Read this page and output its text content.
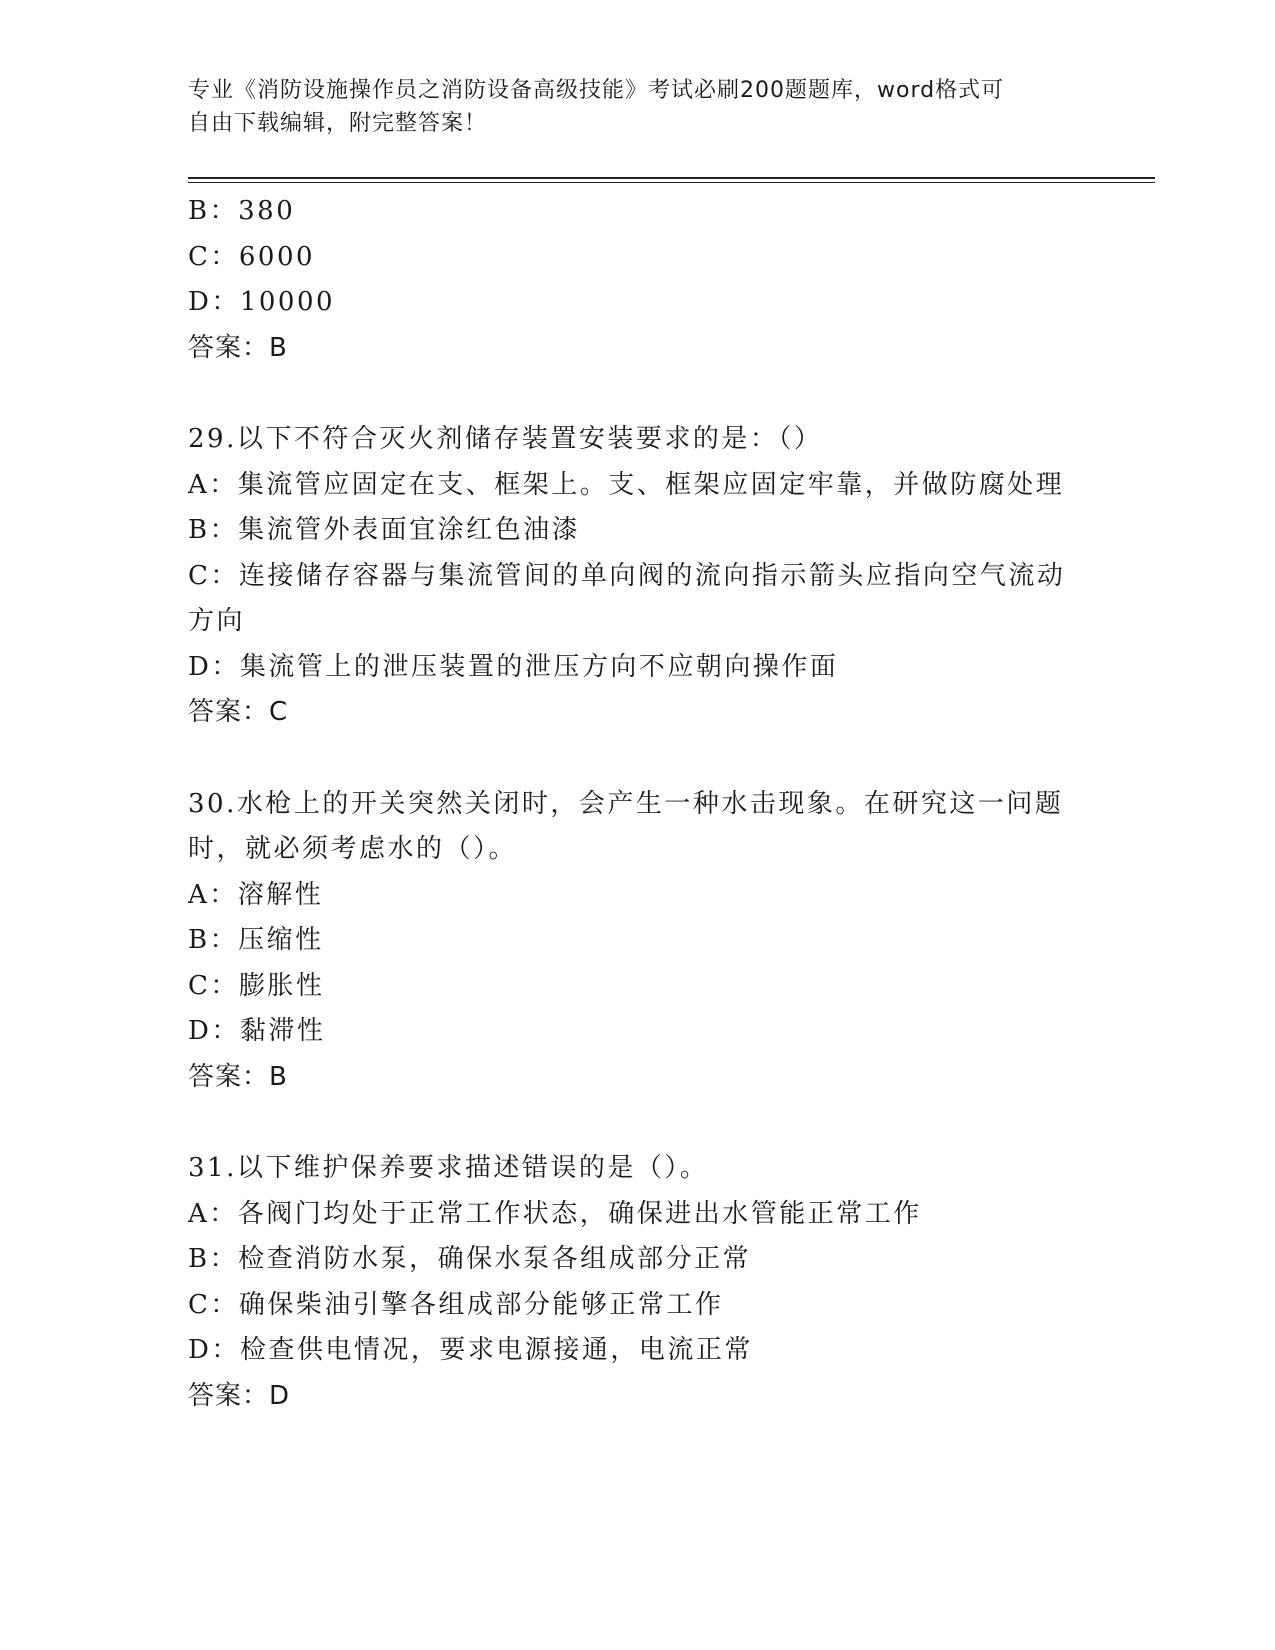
专业《消防设施操作员之消防设备高级技能》考试必刷200题题库，word格式可
自由下载编辑，附完整答案！
B：380
C：6000
D：10000
答案：B
29.以下不符合灭火剂储存装置安装要求的是：（）
A：集流管应固定在支、框架上。支、框架应固定牢靠，并做防腐处理
B：集流管外表面宜涂红色油漆
C：连接储存容器与集流管间的单向阀的流向指示箭头应指向空气流动
方向
D：集流管上的泄压装置的泄压方向不应朝向操作面
答案：C
30.水枪上的开关突然关闭时，会产生一种水击现象。在研究这一问题
时，就必须考虑水的（）。
A：溶解性
B：压缩性
C：膨胀性
D：黏滞性
答案：B
31.以下维护保养要求描述错误的是（）。
A：各阀门均处于正常工作状态，确保进出水管能正常工作
B：检查消防水泵，确保水泵各组成部分正常
C：确保柴油引擎各组成部分能够正常工作
D：检查供电情况，要求电源接通，电流正常
答案：D
